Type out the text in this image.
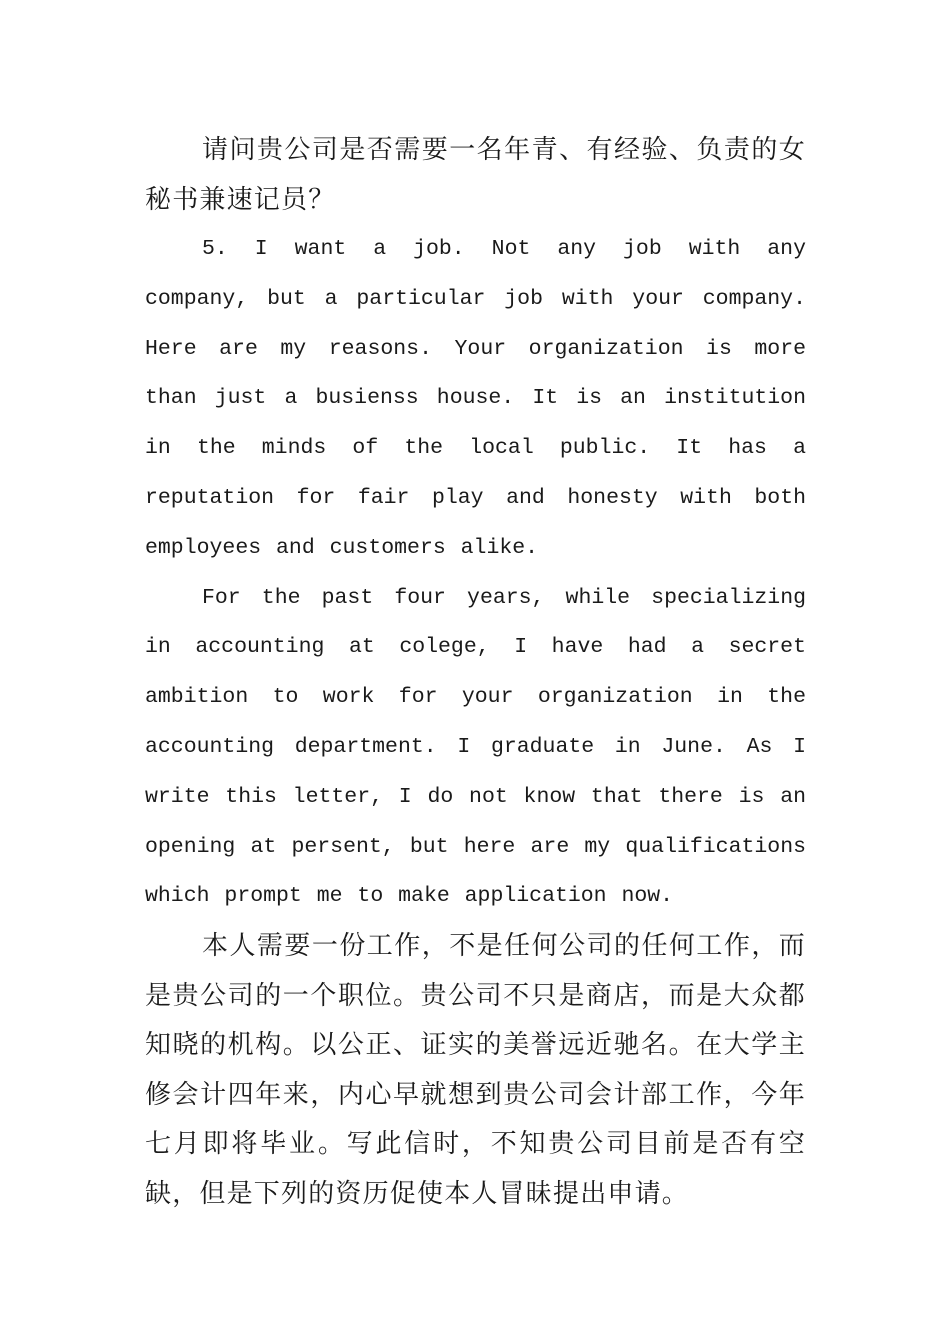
请问贵公司是否需要一名年青、有经验、负责的女秘书兼速记员？

5. I want a job. Not any job with any company, but a particular job with your company. Here are my reasons. Your organization is more than just a busienss house. It is an institution in the minds of the local public. It has a reputation for fair play and honesty with both employees and customers alike.

For the past four years, while specializing in accounting at colege, I have had a secret ambition to work for your organization in the accounting department. I graduate in June. As I write this letter, I do not know that there is an opening at persent, but here are my qualifications which prompt me to make application now.

本人需要一份工作，不是任何公司的任何工作，而是贵公司的一个职位。贵公司不只是商店，而是大众都知晓的机构。以公正、证实的美誉远近驰名。在大学主修会计四年来，内心早就想到贵公司会计部工作，今年七月即将毕业。写此信时，不知贵公司目前是否有空缺，但是下列的资历促使本人冒昧提出申请。
